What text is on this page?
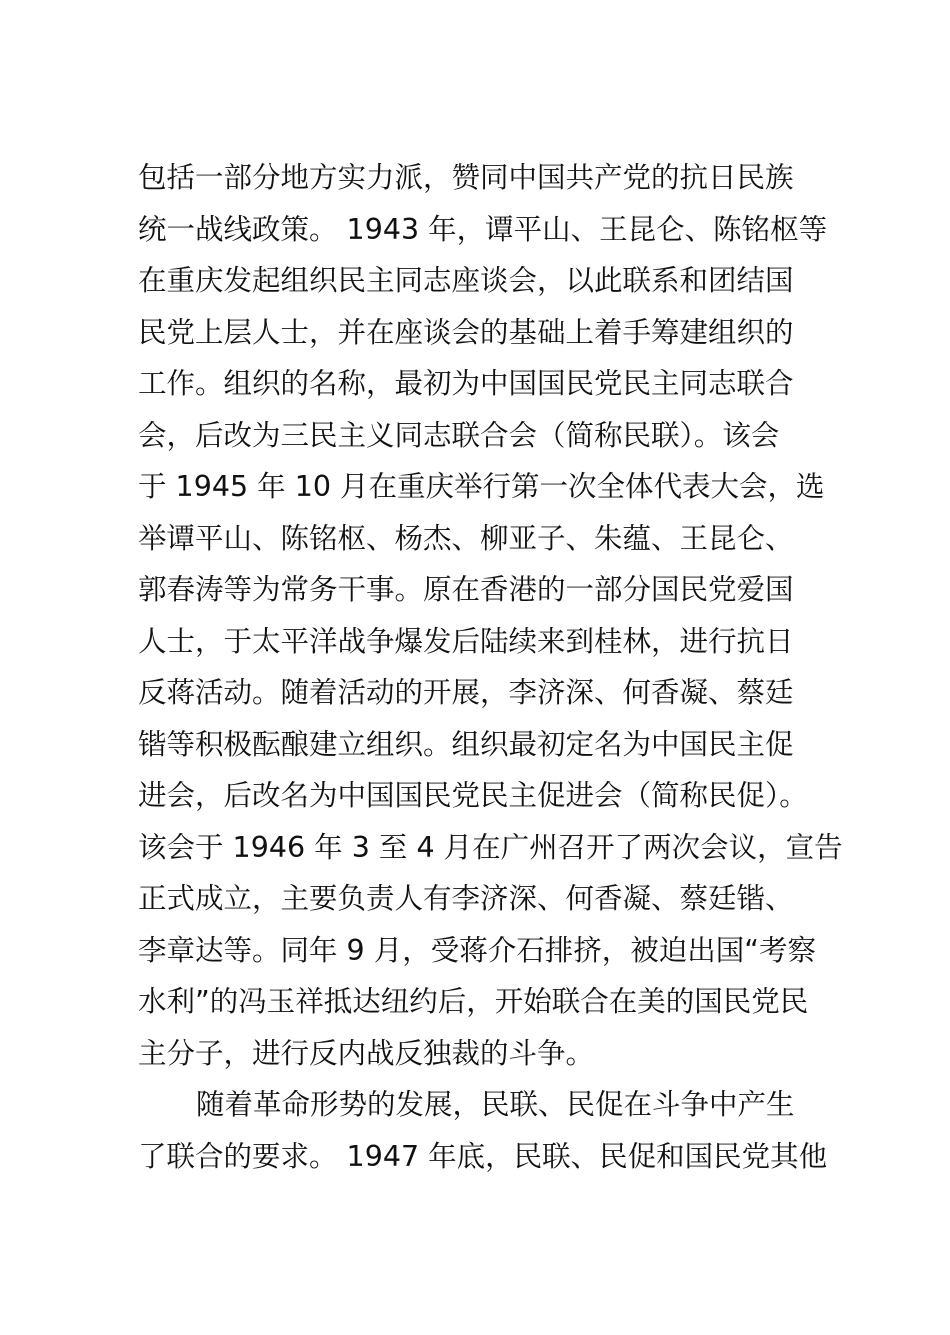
包括一部分地方实力派，赞同中国共产党的抗日民族
统一战线政策。 1943 年，谭平山、王昆仑、陈铭枢等
在重庆发起组织民主同志座谈会，以此联系和团结国
民党上层人士，并在座谈会的基础上着手筹建组织的
工作。组织的名称，最初为中国国民党民主同志联合
会，后改为三民主义同志联合会（简称民联）。该会
于 1945 年 10 月在重庆举行第一次全体代表大会，选
举谭平山、陈铭枢、杨杰、柳亚子、朱蕴、王昆仑、
郭春涛等为常务干事。原在香港的一部分国民党爱国
人士，于太平洋战争爆发后陆续来到桂林，进行抗日
反蒋活动。随着活动的开展，李济深、何香凝、蔡廷
锴等积极酝酿建立组织。组织最初定名为中国民主促
进会，后改名为中国国民党民主促进会（简称民促）。
该会于 1946 年 3 至 4 月在广州召开了两次会议，宣告
正式成立，主要负责人有李济深、何香凝、蔡廷锴、
李章达等。同年 9 月，受蒋介石排挤，被迫出国“考察
水利”的冯玉祥抵达纽约后，开始联合在美的国民党民
主分子，进行反内战反独裁的斗争。
随着革命形势的发展，民联、民促在斗争中产生
了联合的要求。 1947 年底，民联、民促和国民党其他
